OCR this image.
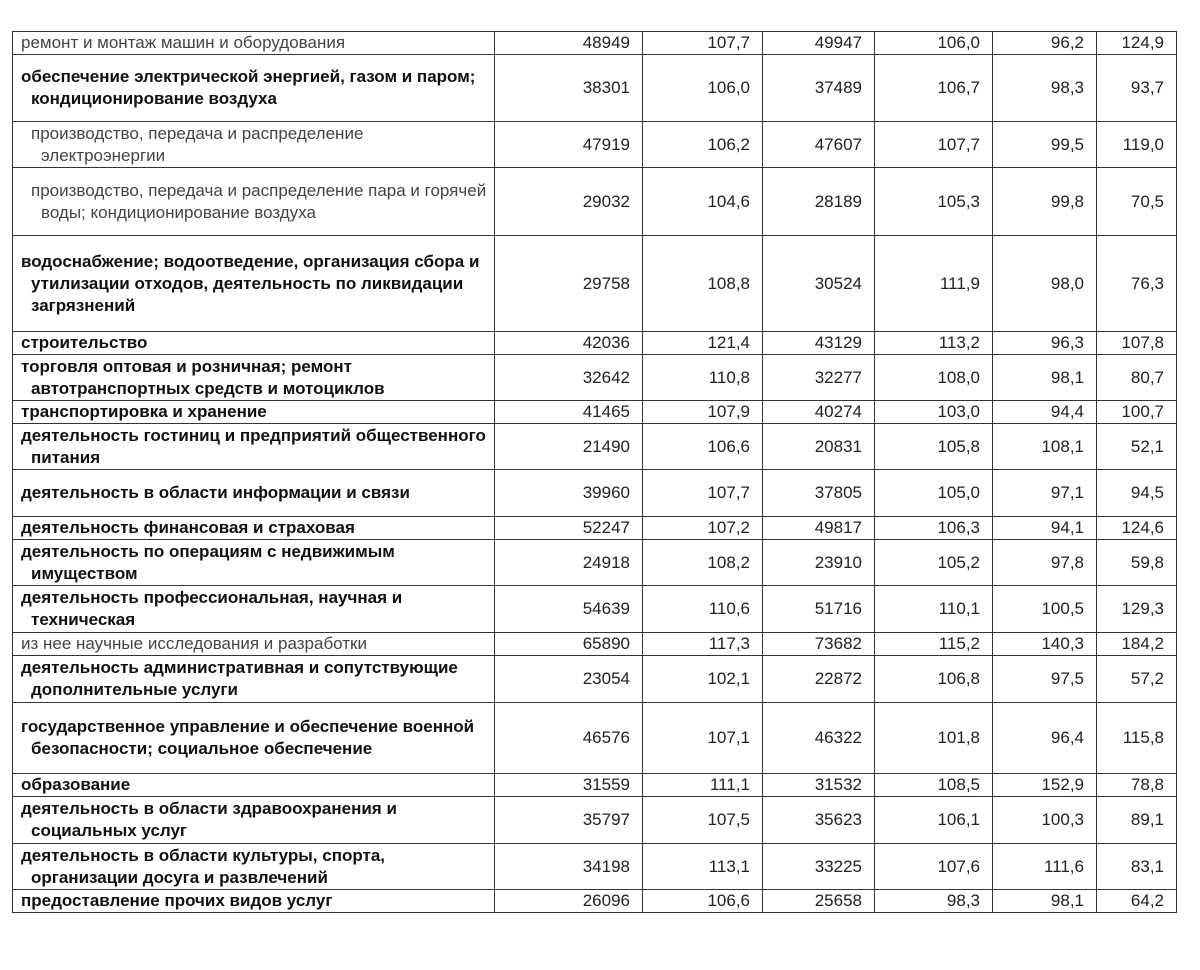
ремонт и монтаж машин и оборудования	48949	107,7	49947	106,0	96,2	124,9
обеспечение электрической энергией, газом и паром; кондиционирование воздуха	38301	106,0	37489	106,7	98,3	93,7
производство, передача и распределение электроэнергии	47919	106,2	47607	107,7	99,5	119,0
производство, передача и распределение пара и горячей воды; кондиционирование воздуха	29032	104,6	28189	105,3	99,8	70,5
водоснабжение; водоотведение, организация сбора и утилизации отходов, деятельность по ликвидации загрязнений	29758	108,8	30524	111,9	98,0	76,3
строительство	42036	121,4	43129	113,2	96,3	107,8
торговля оптовая и розничная; ремонт автотранспортных средств и мотоциклов	32642	110,8	32277	108,0	98,1	80,7
транспортировка и хранение	41465	107,9	40274	103,0	94,4	100,7
деятельность гостиниц и предприятий общественного питания	21490	106,6	20831	105,8	108,1	52,1
деятельность в области информации и связи	39960	107,7	37805	105,0	97,1	94,5
деятельность финансовая и страховая	52247	107,2	49817	106,3	94,1	124,6
деятельность по операциям с недвижимым имуществом	24918	108,2	23910	105,2	97,8	59,8
деятельность профессиональная, научная и техническая	54639	110,6	51716	110,1	100,5	129,3
из нее научные исследования и разработки	65890	117,3	73682	115,2	140,3	184,2
деятельность административная и сопутствующие дополнительные услуги	23054	102,1	22872	106,8	97,5	57,2
государственное управление и обеспечение военной безопасности; социальное обеспечение	46576	107,1	46322	101,8	96,4	115,8
образование	31559	111,1	31532	108,5	152,9	78,8
деятельность в области здравоохранения и социальных услуг	35797	107,5	35623	106,1	100,3	89,1
деятельность в области культуры, спорта, организации досуга и развлечений	34198	113,1	33225	107,6	111,6	83,1
предоставление прочих видов услуг	26096	106,6	25658	98,3	98,1	64,2
